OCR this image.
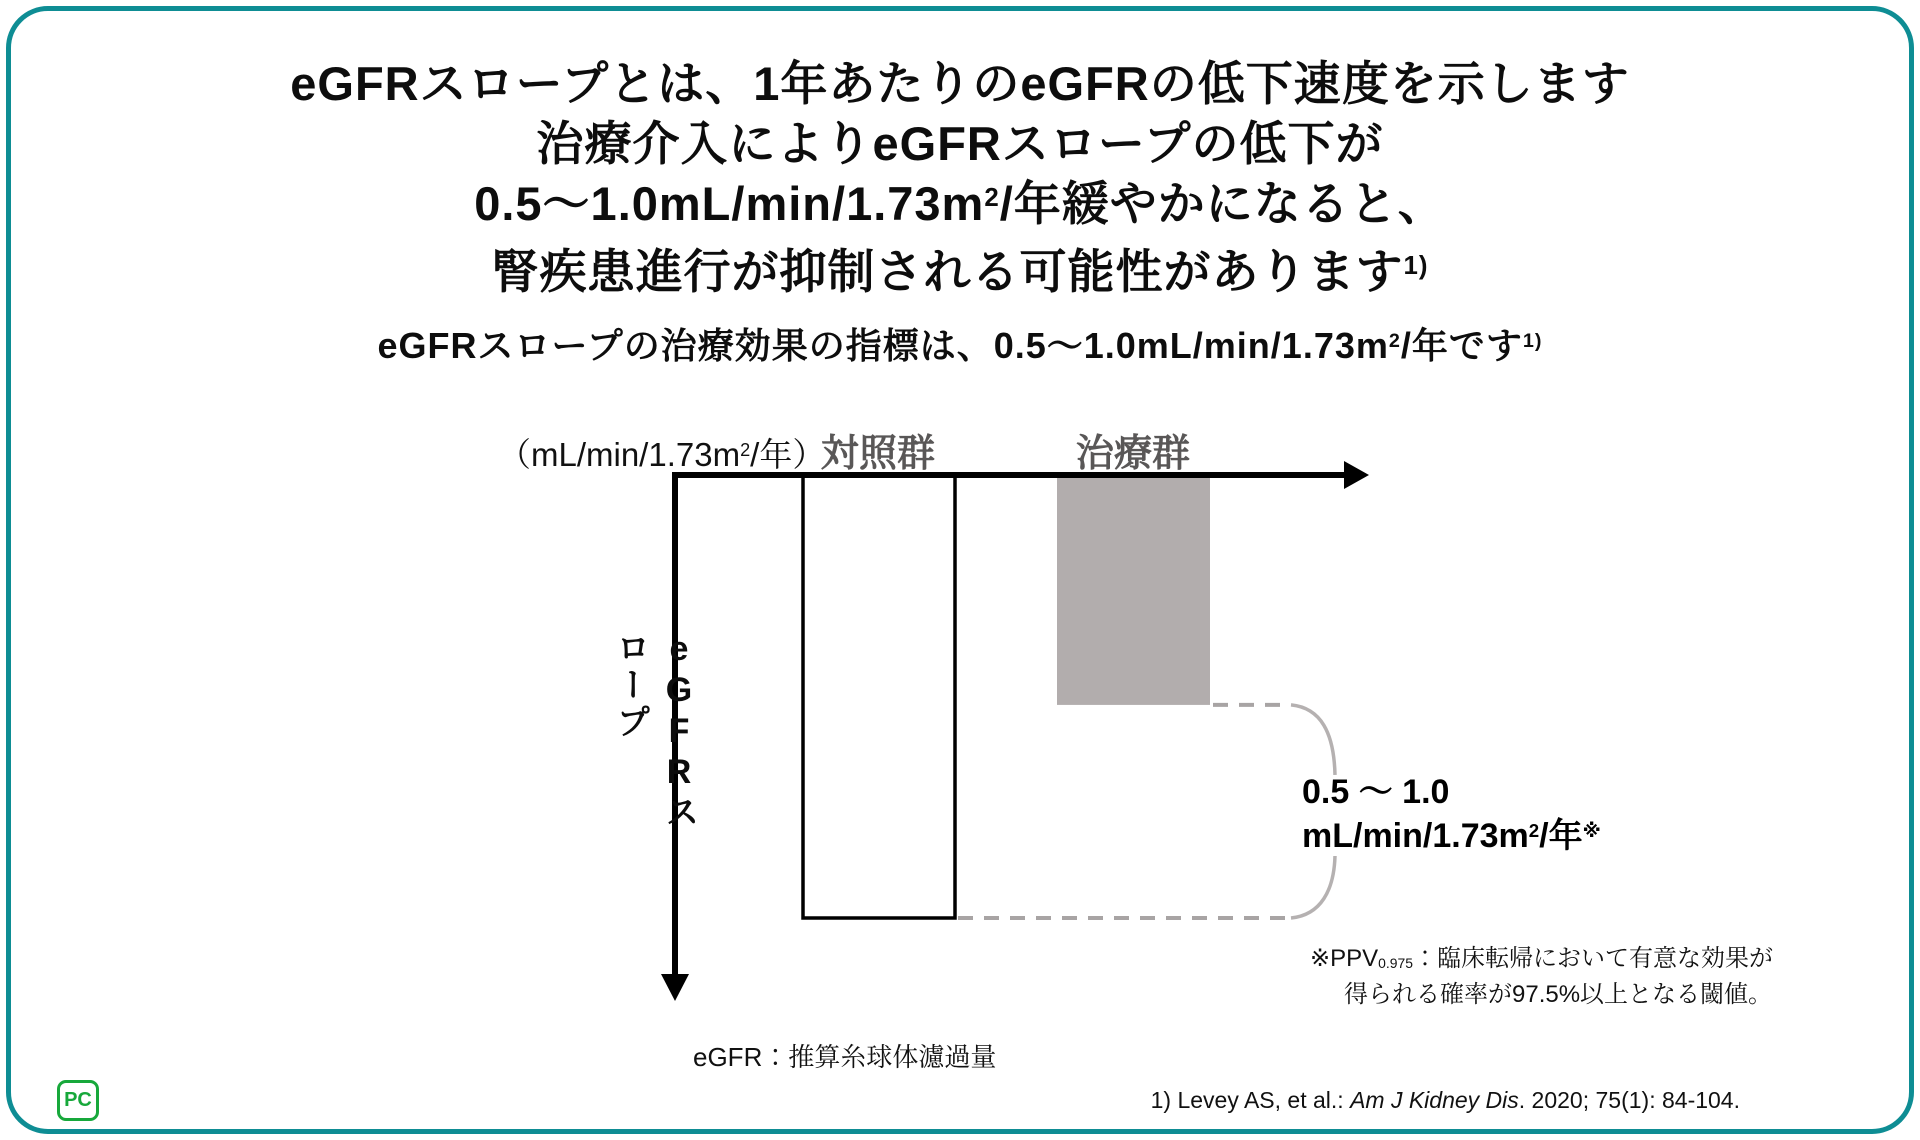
eGFRスロープとは、1年あたりのeGFRの低下速度を示します
治療介入によりeGFRスロープの低下が
$0.5\sim 1.0mL/\min/1.73m^2/$年緩やかになると、
腎疾患進行が抑制される可能性があります$^{1)}$
eGFRスロープの治療効果の指標は、$0.5\sim 1.0mL/\min/1.73m^2/$年です$^{1)}$
（$mL/\min/1.73m^2/$年）
対照群	治療群
eGFRスロープ
0.5 ～ 1.0
$mL/\min/1.73m^2/$年※
※PPV0.975：臨床転帰において有意な効果が
得られる確率が97.5%以上となる閾値。
eGFR：推算糸球体濾過量
1) Levey AS, et al.: Am J Kidney Dis. 2020; 75(1): 84-104.
PC
